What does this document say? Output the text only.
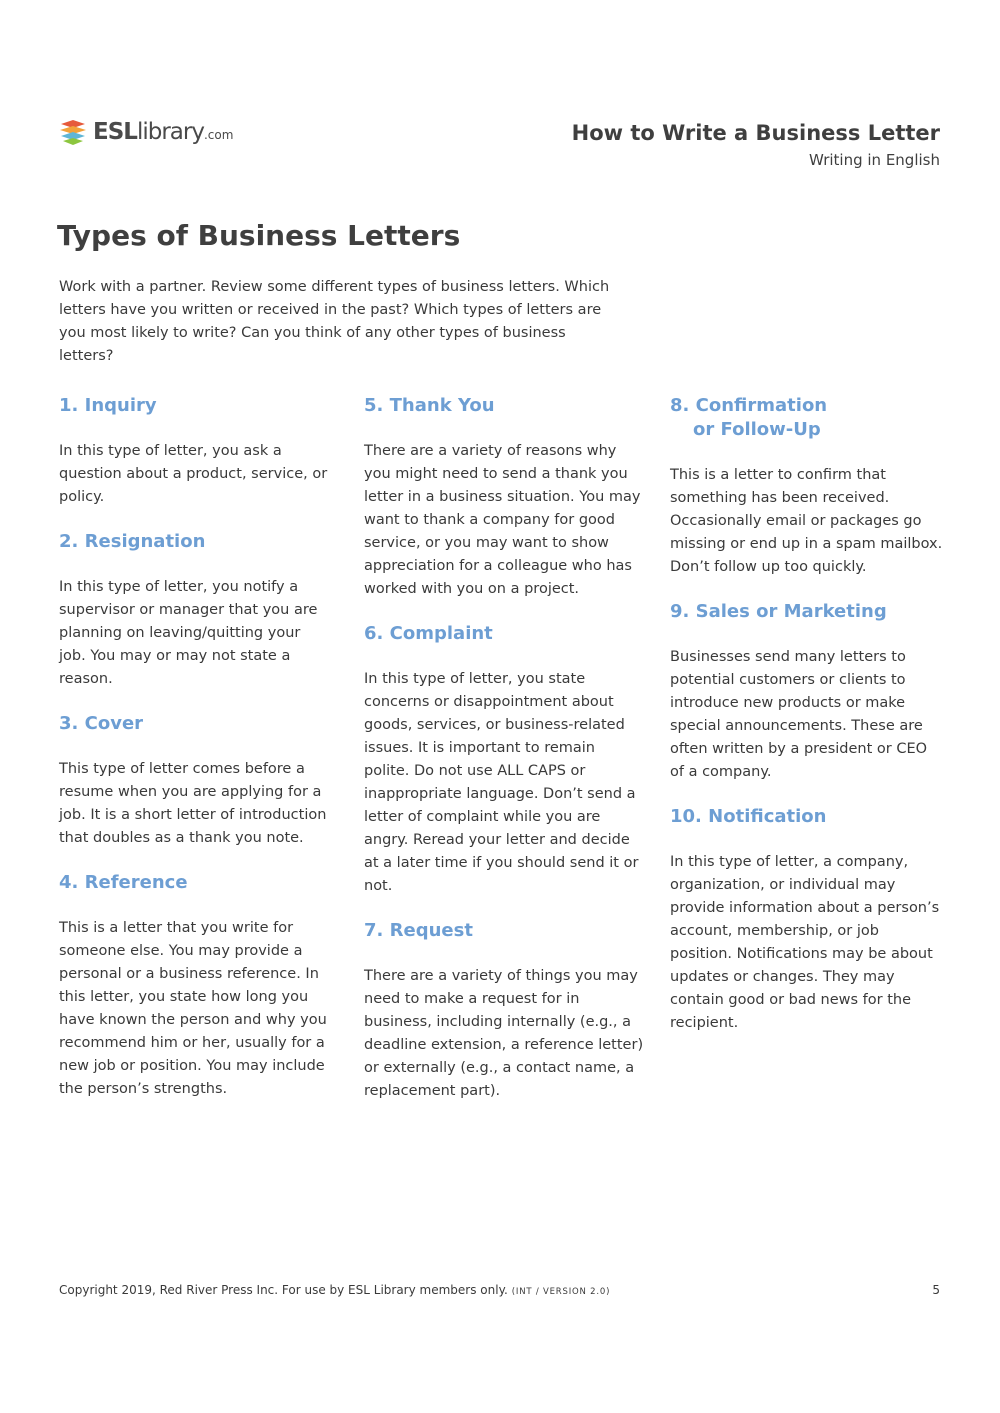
ESLlibrary.com	How to Write a Business Letter
Writing in English
Types of Business Letters
Work with a partner. Review some different types of business letters. Which letters have you written or received in the past? Which types of letters are you most likely to write? Can you think of any other types of business letters?
1. Inquiry

In this type of letter, you ask a question about a product, service, or policy.

2. Resignation

In this type of letter, you notify a supervisor or manager that you are planning on leaving/quitting your job. You may or may not state a reason.

3. Cover

This type of letter comes before a resume when you are applying for a job. It is a short letter of introduction that doubles as a thank you note.

4. Reference

This is a letter that you write for someone else. You may provide a personal or a business reference. In this letter, you state how long you have known the person and why you recommend him or her, usually for a new job or position. You may include the person’s strengths.

5. Thank You

There are a variety of reasons why you might need to send a thank you letter in a business situation. You may want to thank a company for good service, or you may want to show appreciation for a colleague who has worked with you on a project.

6. Complaint

In this type of letter, you state concerns or disappointment about goods, services, or business-related issues. It is important to remain polite. Do not use ALL CAPS or inappropriate language. Don’t send a letter of complaint while you are angry. Reread your letter and decide at a later time if you should send it or not.

7. Request

There are a variety of things you may need to make a request for in business, including internally (e.g., a deadline extension, a reference letter) or externally (e.g., a contact name, a replacement part).

8. Confirmation
or Follow-Up

This is a letter to confirm that something has been received. Occasionally email or packages go missing or end up in a spam mailbox. Don’t follow up too quickly.

9. Sales or Marketing

Businesses send many letters to potential customers or clients to introduce new products or make special announcements. These are often written by a president or CEO of a company.

10. Notification

In this type of letter, a company, organization, or individual may provide information about a person’s account, membership, or job position. Notifications may be about updates or changes. They may contain good or bad news for the recipient.

Copyright 2019, Red River Press Inc. For use by ESL Library members only. (INT / VERSION 2.0)	5
